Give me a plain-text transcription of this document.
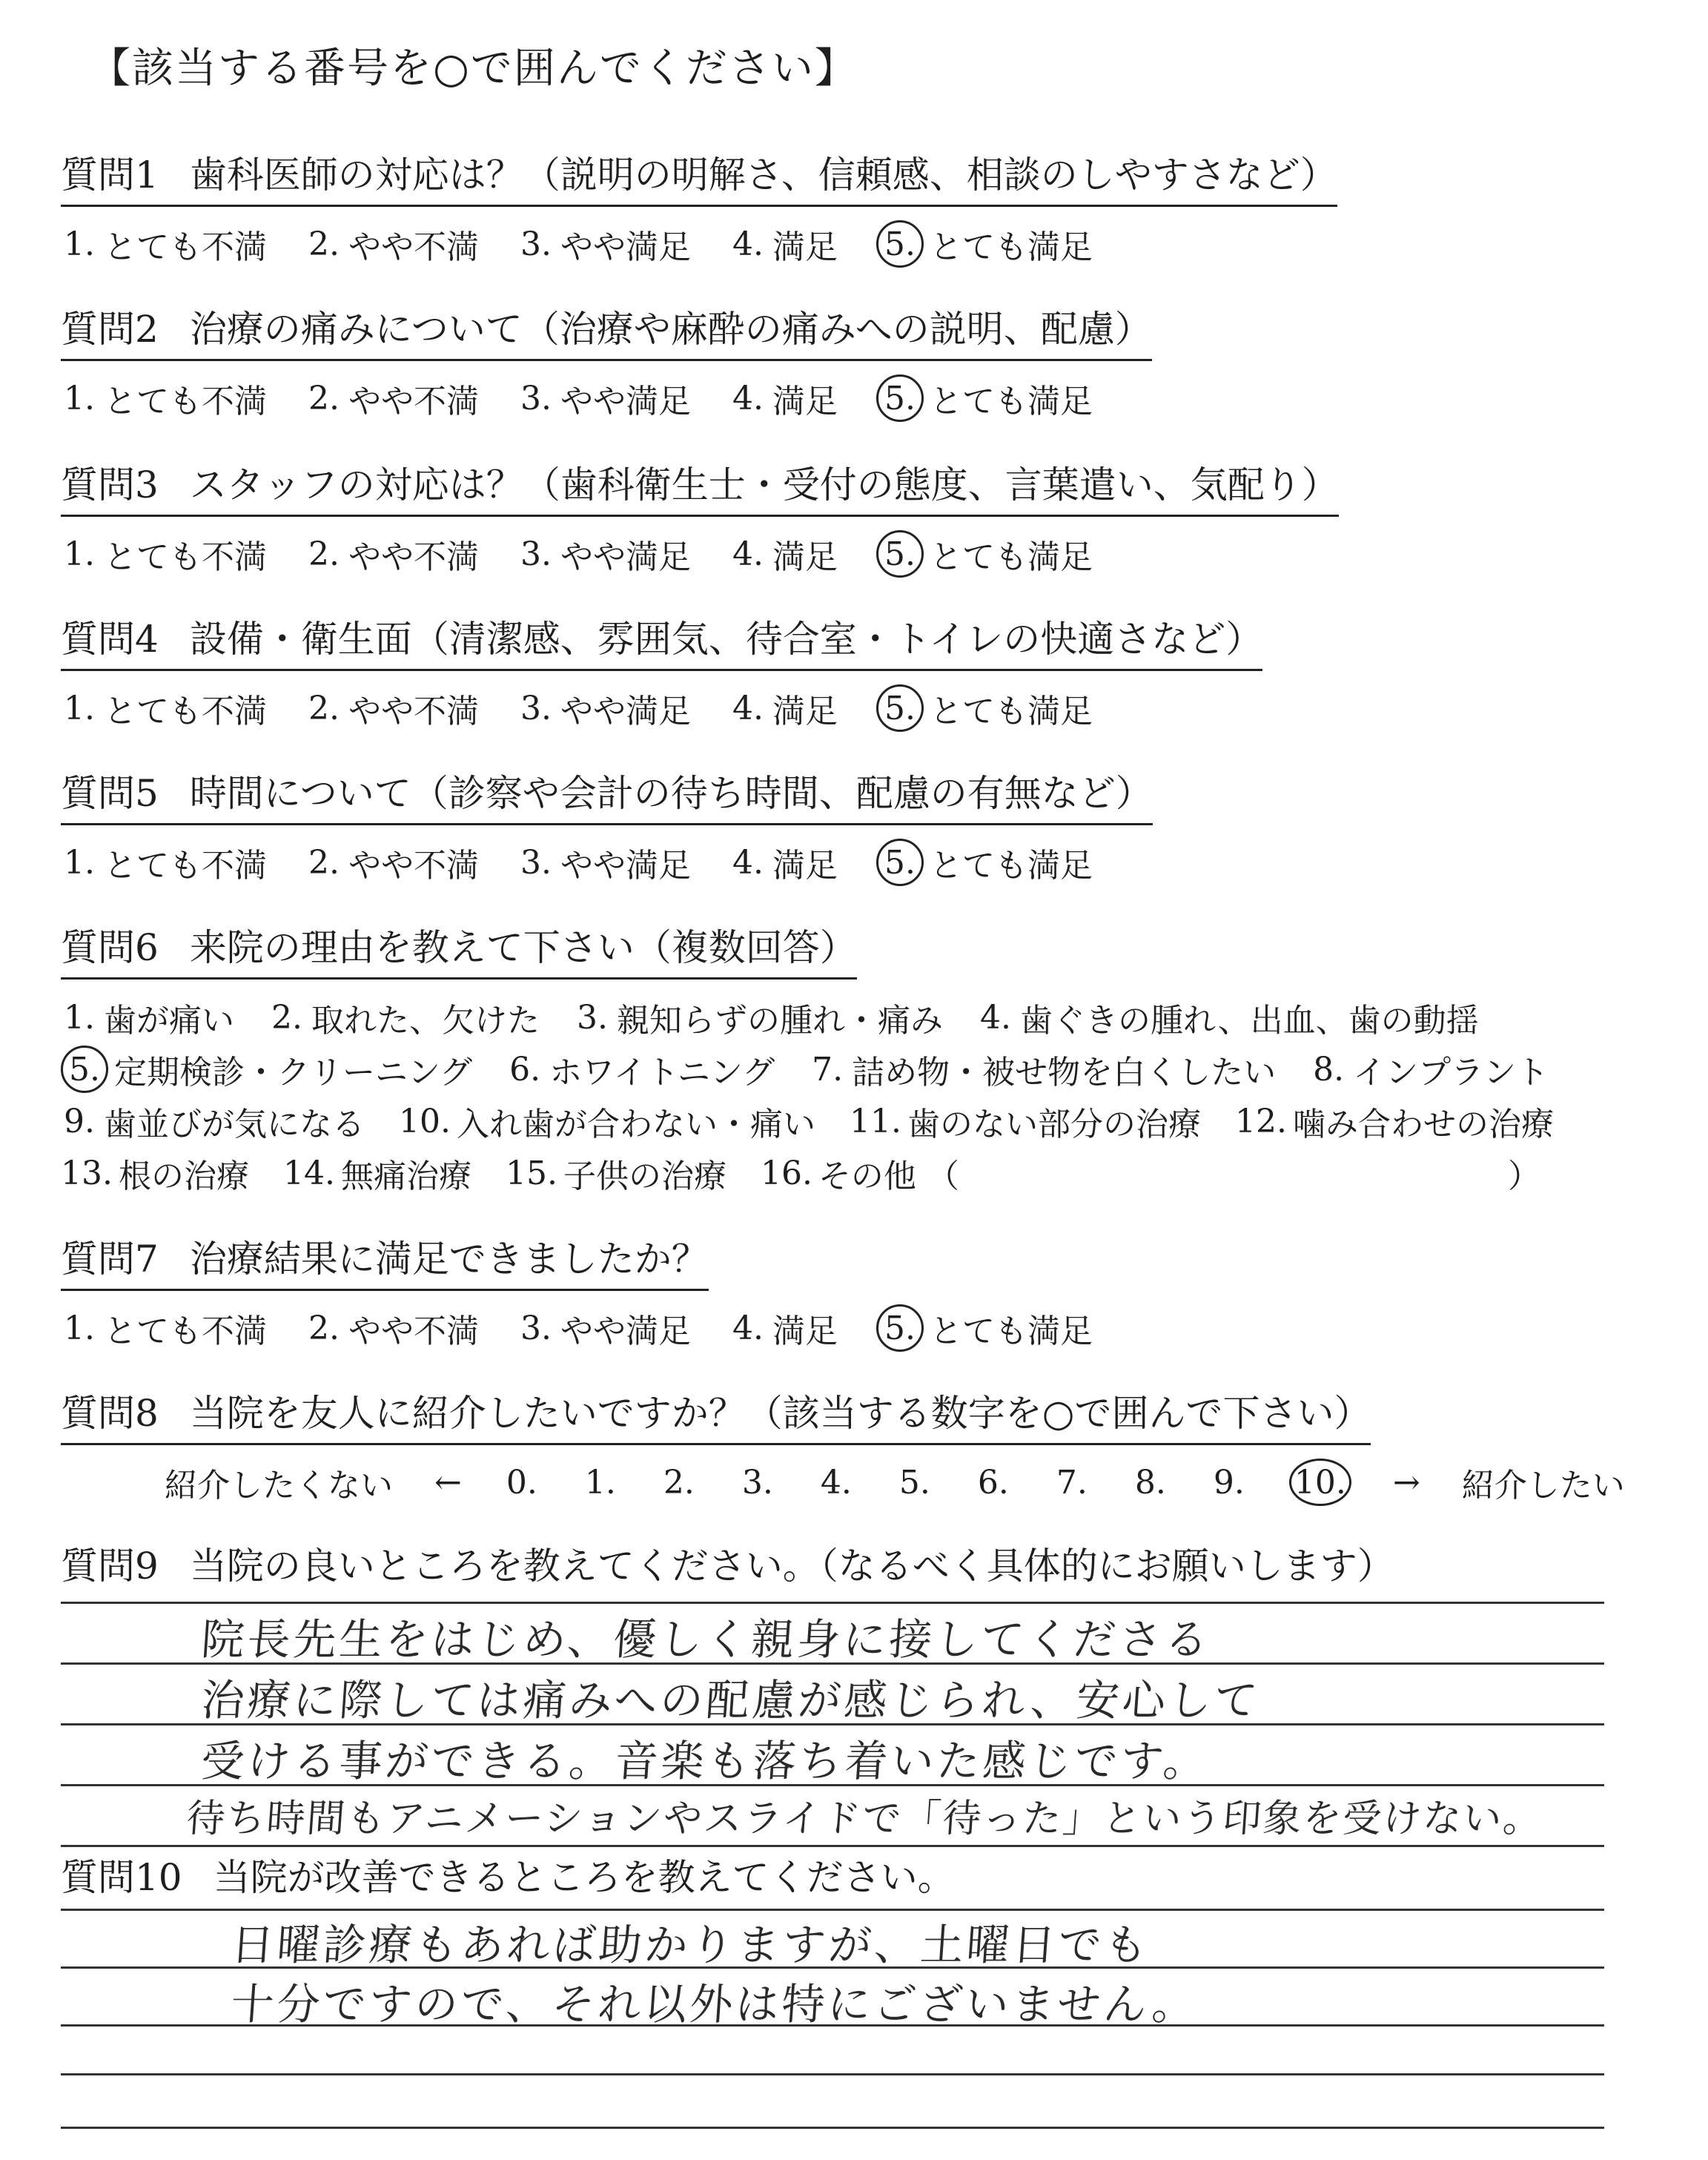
【該当する番号を○で囲んでください】
質問1 歯科医師の対応は？（説明の明解さ、信頼感、相談のしやすさなど）
1. とても不満 2. やや不満 3. やや満足 4. 満足 5. とても満足
質問2 治療の痛みについて（治療や麻酔の痛みへの説明、配慮）
1. とても不満 2. やや不満 3. やや満足 4. 満足 5. とても満足
質問3 スタッフの対応は？（歯科衛生士・受付の態度、言葉遣い、気配り）
1. とても不満 2. やや不満 3. やや満足 4. 満足 5. とても満足
質問4 設備・衛生面（清潔感、雰囲気、待合室・トイレの快適さなど）
1. とても不満 2. やや不満 3. やや満足 4. 満足 5. とても満足
質問5 時間について（診察や会計の待ち時間、配慮の有無など）
1. とても不満 2. やや不満 3. やや満足 4. 満足 5. とても満足
質問6 来院の理由を教えて下さい（複数回答）
1. 歯が痛い 2. 取れた、欠けた 3. 親知らずの腫れ・痛み 4. 歯ぐきの腫れ、出血、歯の動揺
5. 定期検診・クリーニング 6. ホワイトニング 7. 詰め物・被せ物を白くしたい 8. インプラント
9. 歯並びが気になる 10. 入れ歯が合わない・痛い 11. 歯のない部分の治療 12. 噛み合わせの治療
13. 根の治療 14. 無痛治療 15. 子供の治療 16. その他 （	）
質問7 治療結果に満足できましたか？
1. とても不満 2. やや不満 3. やや満足 4. 満足 5. とても満足
質問8 当院を友人に紹介したいですか？（該当する数字を○で囲んで下さい）
紹介したくない ← 0. 1. 2. 3. 4. 5. 6. 7. 8. 9. 10. → 紹介したい
質問9 当院の良いところを教えてください。（なるべく具体的にお願いします）
院長先生をはじめ、優しく親身に接してくださる
治療に際しては痛みへの配慮が感じられ、安心して
受ける事ができる。音楽も落ち着いた感じです。
待ち時間もアニメーションやスライドで「待った」という印象を受けない。
質問10 当院が改善できるところを教えてください。
日曜診療もあれば助かりますが、土曜日でも
十分ですので、それ以外は特にございません。
